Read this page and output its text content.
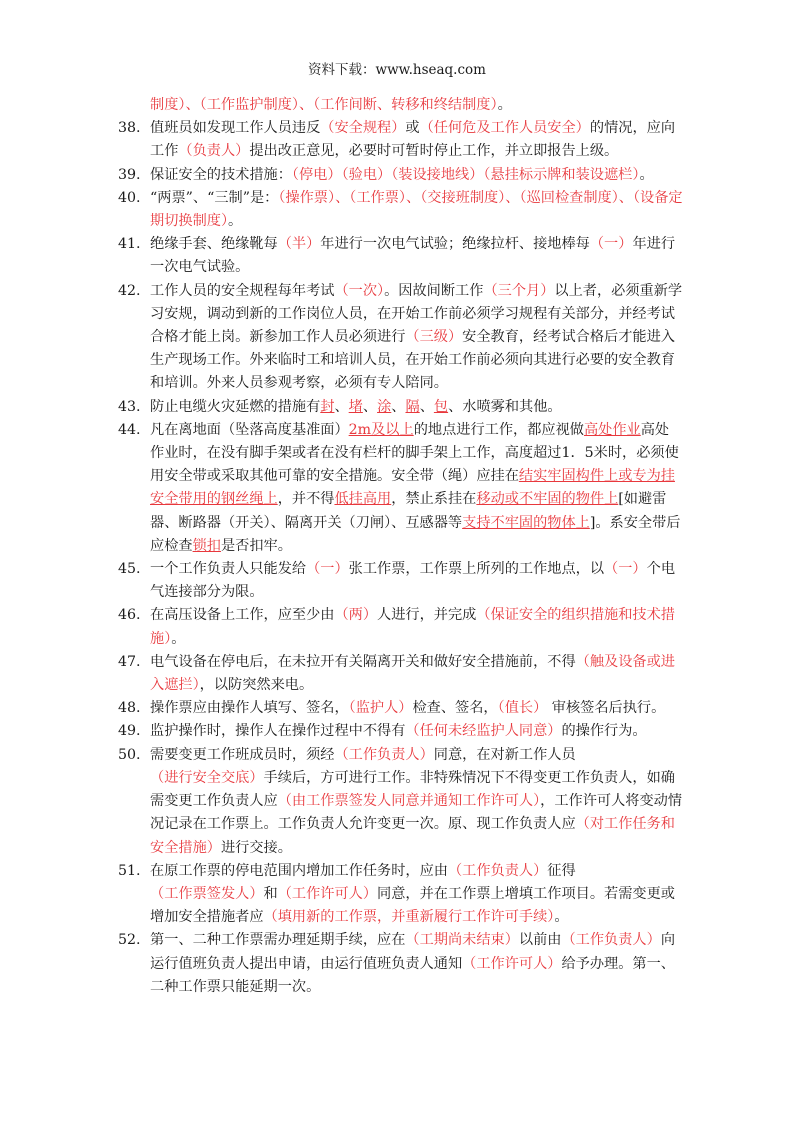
资料下载：www.hseaq.com
制度）、（工作监护制度）、（工作间断、转移和终结制度）。
38. 值班员如发现工作人员违反（安全规程）或（任何危及工作人员安全）的情况，应向工作（负责人）提出改正意见，必要时可暂时停止工作，并立即报告上级。
39. 保证安全的技术措施：（停电）（验电）（装设接地线）（悬挂标示牌和装设遮栏）。
40. “两票”、“三制”是：（操作票）、（工作票）、（交接班制度）、（巡回检查制度）、（设备定期切换制度）。
41. 绝缘手套、绝缘靴每（半）年进行一次电气试验；绝缘拉杆、接地棒每（一）年进行一次电气试验。
42. 工作人员的安全规程每年考试（一次）。因故间断工作（三个月）以上者，必须重新学习安规，调动到新的工作岗位人员，在开始工作前必须学习规程有关部分，并经考试合格才能上岗。新参加工作人员必须进行（三级）安全教育，经考试合格后才能进入生产现场工作。外来临时工和培训人员，在开始工作前必须向其进行必要的安全教育和培训。外来人员参观考察，必须有专人陪同。
43. 防止电缆火灾延燃的措施有封、堵、涂、隔、包、水喷雾和其他。
44. 凡在离地面（坠落高度基准面）2m及以上的地点进行工作，都应视做高处作业高处作业时，在没有脚手架或者在没有栏杆的脚手架上工作，高度超过1．5米时，必须使用安全带或采取其他可靠的安全措施。安全带（绳）应挂在结实牢固构件上或专为挂安全带用的钢丝绳上，并不得低挂高用，禁止系挂在移动或不牢固的物件上[如避雷器、断路器（开关）、隔离开关（刀闸）、互感器等支持不牢固的物体上]。系安全带后应检查锁扣是否扣牢。
45. 一个工作负责人只能发给（一）张工作票，工作票上所列的工作地点，以（一）个电气连接部分为限。
46. 在高压设备上工作，应至少由（两）人进行，并完成（保证安全的组织措施和技术措施）。
47. 电气设备在停电后，在未拉开有关隔离开关和做好安全措施前，不得（触及设备或进入遮拦），以防突然来电。
48. 操作票应由操作人填写、签名，（监护人）检查、签名，（值长） 审核签名后执行。
49. 监护操作时，操作人在操作过程中不得有（任何未经监护人同意）的操作行为。
50. 需要变更工作班成员时，须经（工作负责人）同意，在对新工作人员（进行安全交底）手续后，方可进行工作。非特殊情况下不得变更工作负责人，如确需变更工作负责人应（由工作票签发人同意并通知工作许可人），工作许可人将变动情况记录在工作票上。工作负责人允许变更一次。原、现工作负责人应（对工作任务和安全措施）进行交接。
51. 在原工作票的停电范围内增加工作任务时，应由（工作负责人）征得（工作票签发人）和（工作许可人）同意，并在工作票上增填工作项目。若需变更或增加安全措施者应（填用新的工作票，并重新履行工作许可手续）。
52. 第一、二种工作票需办理延期手续，应在（工期尚未结束）以前由（工作负责人）向运行值班负责人提出申请，由运行值班负责人通知（工作许可人）给予办理。第一、二种工作票只能延期一次。
